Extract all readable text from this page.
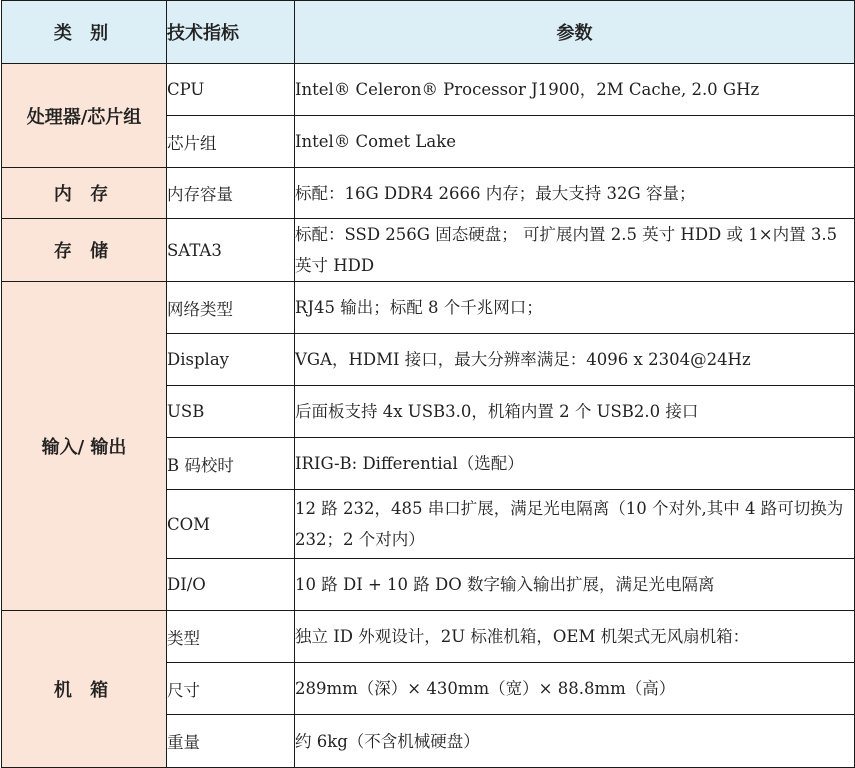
类 别	技术指标	参数
处理器/芯片组	CPU	Intel® Celeron® Processor J1900，2M Cache, 2.0 GHz
	芯片组	Intel® Comet Lake
内 存	内存容量	标配：16G DDR4 2666 内存；最大支持 32G 容量；
存 储	SATA3	标配：SSD 256G 固态硬盘； 可扩展内置 2.5 英寸 HDD 或 1×内置 3.5 英寸 HDD
输入/ 输出	网络类型	RJ45 输出；标配 8 个千兆网口；
	Display	VGA，HDMI 接口，最大分辨率满足：4096 x 2304@24Hz
	USB	后面板支持 4x USB3.0，机箱内置 2 个 USB2.0 接口
	B 码校时	IRIG-B: Differential（选配）
	COM	12 路 232，485 串口扩展，满足光电隔离（10 个对外,其中 4 路可切换为 232；2 个对内）
	DI/O	10 路 DI + 10 路 DO 数字输入输出扩展，满足光电隔离
机 箱	类型	独立 ID 外观设计，2U 标准机箱，OEM 机架式无风扇机箱：
	尺寸	289mm（深）× 430mm（宽）× 88.8mm（高）
	重量	约 6kg（不含机械硬盘）
